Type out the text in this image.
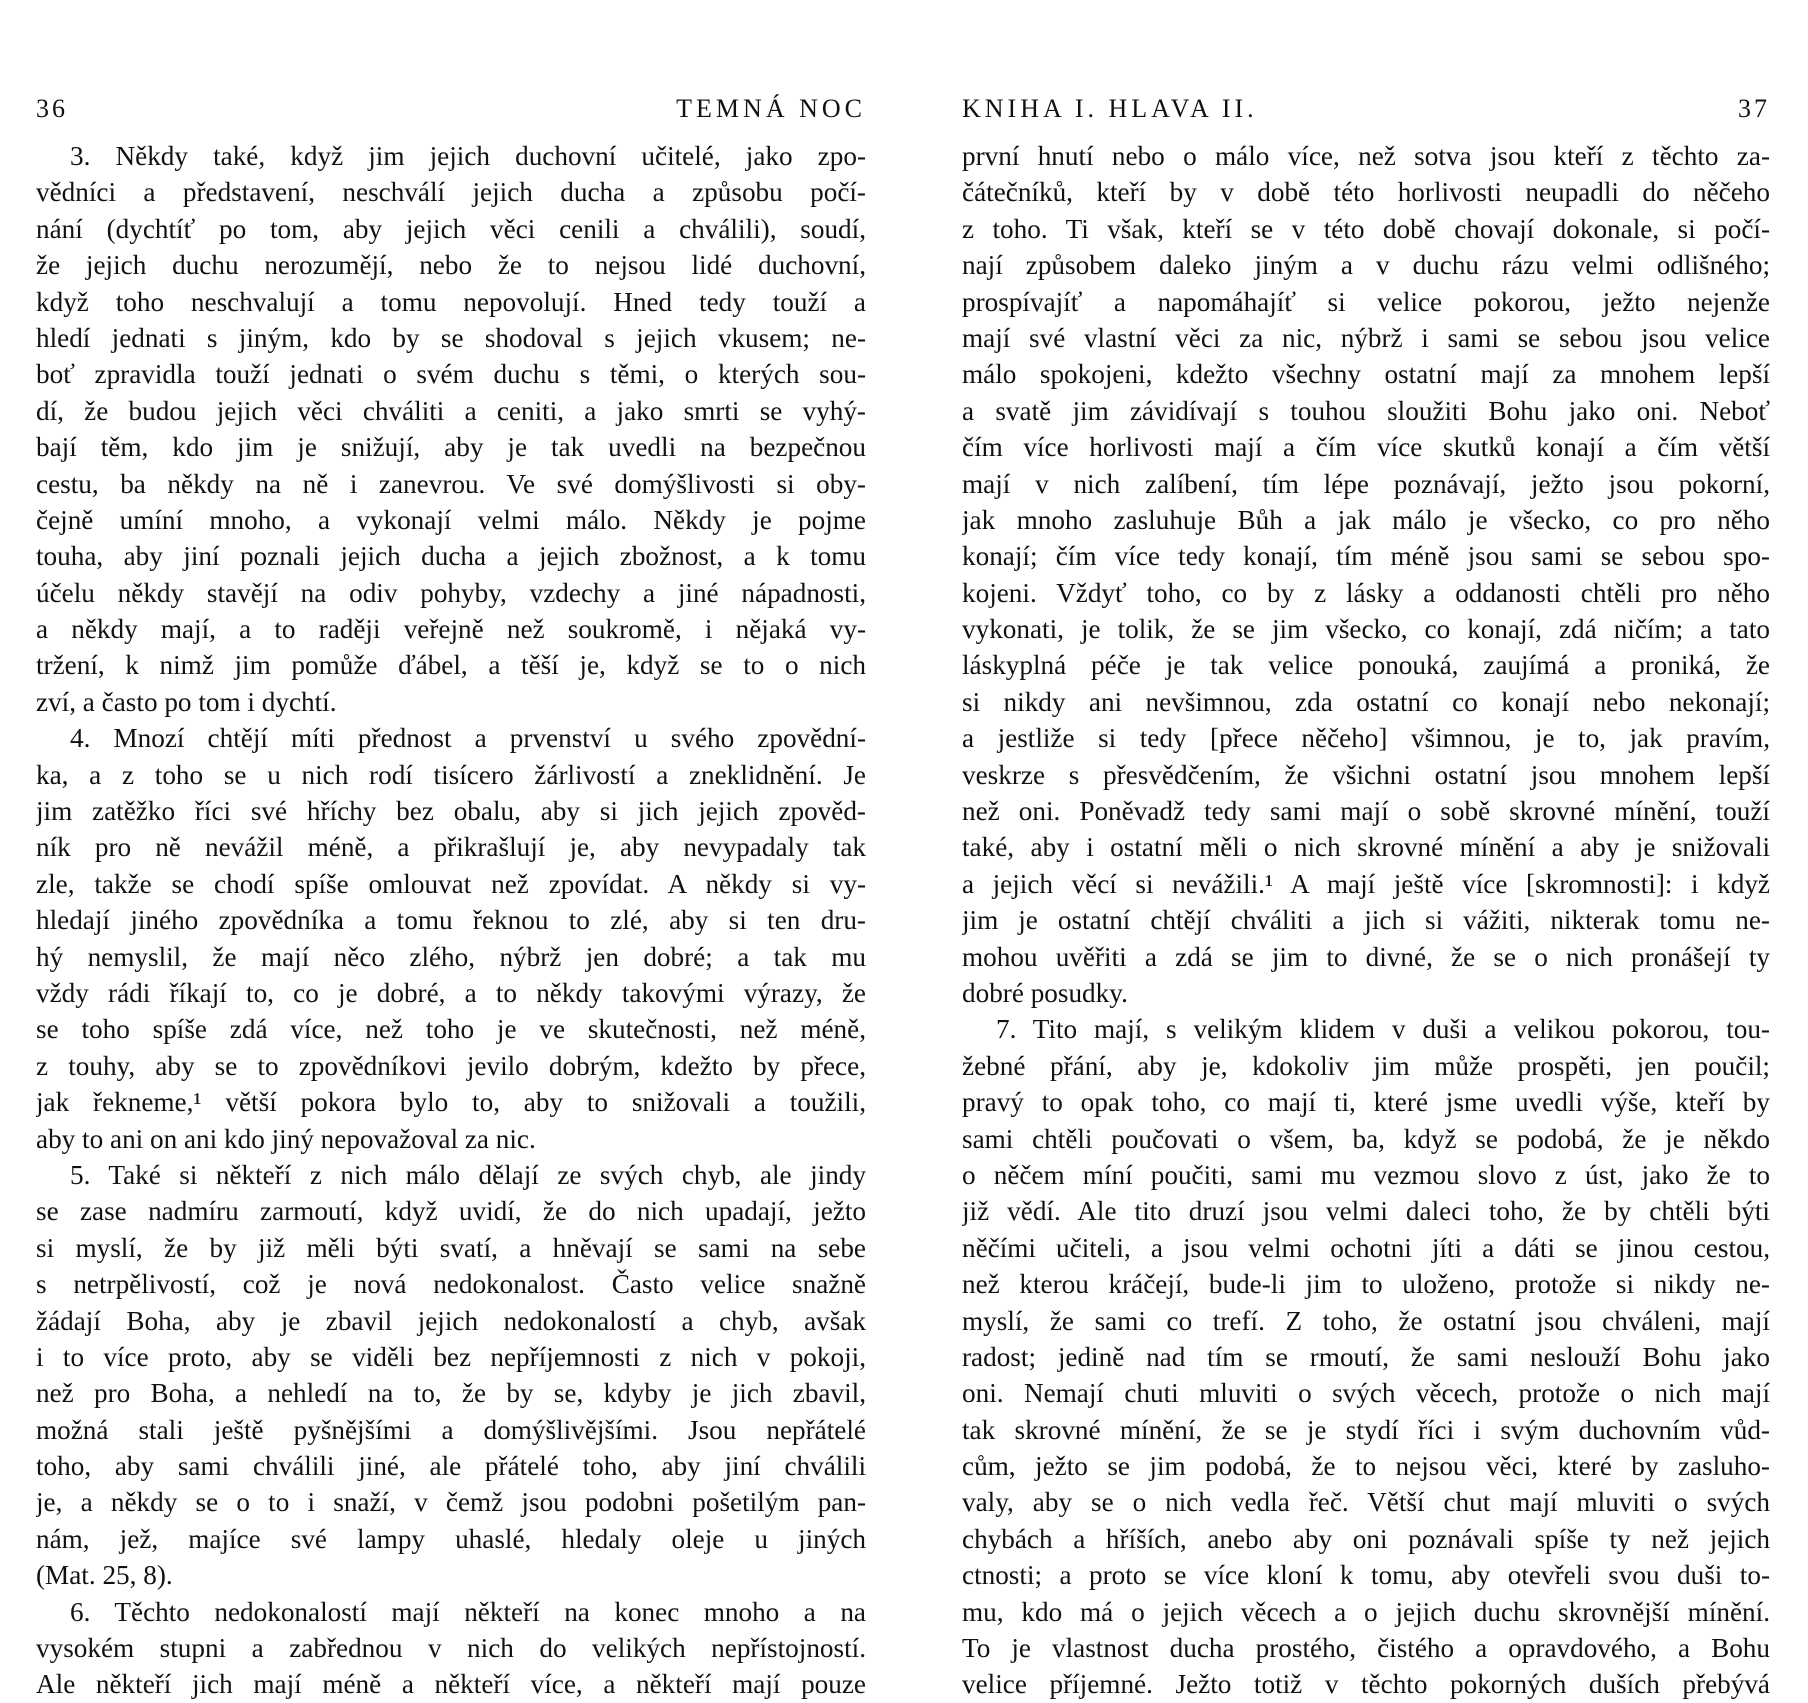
36	TEMNÁ NOC
3. Někdy také, když jim jejich duchovní učitelé, jako zpo-
vědníci a představení, neschválí jejich ducha a způsobu počí-
nání (dychtíť po tom, aby jejich věci cenili a chválili), soudí,
že jejich duchu nerozumějí, nebo že to nejsou lidé duchovní,
když toho neschvalují a tomu nepovolují. Hned tedy touží a
hledí jednati s jiným, kdo by se shodoval s jejich vkusem; ne-
boť zpravidla touží jednati o svém duchu s těmi, o kterých sou-
dí, že budou jejich věci chváliti a ceniti, a jako smrti se vyhý-
bají těm, kdo jim je snižují, aby je tak uvedli na bezpečnou
cestu, ba někdy na ně i zanevrou. Ve své domýšlivosti si oby-
čejně umíní mnoho, a vykonají velmi málo. Někdy je pojme
touha, aby jiní poznali jejich ducha a jejich zbožnost, a k tomu
účelu někdy stavějí na odiv pohyby, vzdechy a jiné nápadnosti,
a někdy mají, a to raději veřejně než soukromě, i nějaká vy-
tržení, k nimž jim pomůže ďábel, a těší je, když se to o nich
zví, a často po tom i dychtí.
4. Mnozí chtějí míti přednost a prvenství u svého zpovědní-
ka, a z toho se u nich rodí tisícero žárlivostí a zneklidnění. Je
jim zatěžko říci své hříchy bez obalu, aby si jich jejich zpověd-
ník pro ně nevážil méně, a přikrašlují je, aby nevypadaly tak
zle, takže se chodí spíše omlouvat než zpovídat. A někdy si vy-
hledají jiného zpovědníka a tomu řeknou to zlé, aby si ten dru-
hý nemyslil, že mají něco zlého, nýbrž jen dobré; a tak mu
vždy rádi říkají to, co je dobré, a to někdy takovými výrazy, že
se toho spíše zdá více, než toho je ve skutečnosti, než méně,
z touhy, aby se to zpovědníkovi jevilo dobrým, kdežto by přece,
jak řekneme,¹ větší pokora bylo to, aby to snižovali a toužili,
aby to ani on ani kdo jiný nepovažoval za nic.
5. Také si někteří z nich málo dělají ze svých chyb, ale jindy
se zase nadmíru zarmoutí, když uvidí, že do nich upadají, ježto
si myslí, že by již měli býti svatí, a hněvají se sami na sebe
s netrpělivostí, což je nová nedokonalost. Často velice snažně
žádají Boha, aby je zbavil jejich nedokonalostí a chyb, avšak
i to více proto, aby se viděli bez nepříjemnosti z nich v pokoji,
než pro Boha, a nehledí na to, že by se, kdyby je jich zbavil,
možná stali ještě pyšnějšími a domýšlivějšími. Jsou nepřátelé
toho, aby sami chválili jiné, ale přátelé toho, aby jiní chválili
je, a někdy se o to i snaží, v čemž jsou podobni pošetilým pan-
nám, jež, majíce své lampy uhaslé, hledaly oleje u jiných
(Mat. 25, 8).
6. Těchto nedokonalostí mají někteří na konec mnoho a na
vysokém stupni a zabřednou v nich do velikých nepřístojností.
Ale někteří jich mají méně a někteří více, a někteří mají pouze
KNIHA I. HLAVA II.	37
první hnutí nebo o málo více, než sotva jsou kteří z těchto za-
čátečníků, kteří by v době této horlivosti neupadli do něčeho
z toho. Ti však, kteří se v této době chovají dokonale, si počí-
nají způsobem daleko jiným a v duchu rázu velmi odlišného;
prospívajíť a napomáhajíť si velice pokorou, ježto nejenže
mají své vlastní věci za nic, nýbrž i sami se sebou jsou velice
málo spokojeni, kdežto všechny ostatní mají za mnohem lepší
a svatě jim závidívají s touhou sloužiti Bohu jako oni. Neboť
čím více horlivosti mají a čím více skutků konají a čím větší
mají v nich zalíbení, tím lépe poznávají, ježto jsou pokorní,
jak mnoho zasluhuje Bůh a jak málo je všecko, co pro něho
konají; čím více tedy konají, tím méně jsou sami se sebou spo-
kojeni. Vždyť toho, co by z lásky a oddanosti chtěli pro něho
vykonati, je tolik, že se jim všecko, co konají, zdá ničím; a tato
láskyplná péče je tak velice ponouká, zaujímá a proniká, že
si nikdy ani nevšimnou, zda ostatní co konají nebo nekonají;
a jestliže si tedy [přece něčeho] všimnou, je to, jak pravím,
veskrze s přesvědčením, že všichni ostatní jsou mnohem lepší
než oni. Poněvadž tedy sami mají o sobě skrovné mínění, touží
také, aby i ostatní měli o nich skrovné mínění a aby je snižovali
a jejich věcí si nevážili.¹ A mají ještě více [skromnosti]: i když
jim je ostatní chtějí chváliti a jich si vážiti, nikterak tomu ne-
mohou uvěřiti a zdá se jim to divné, že se o nich pronášejí ty
dobré posudky.
7. Tito mají, s velikým klidem v duši a velikou pokorou, tou-
žebné přání, aby je, kdokoliv jim může prospěti, jen poučil;
pravý to opak toho, co mají ti, které jsme uvedli výše, kteří by
sami chtěli poučovati o všem, ba, když se podobá, že je někdo
o něčem míní poučiti, sami mu vezmou slovo z úst, jako že to
již vědí. Ale tito druzí jsou velmi daleci toho, že by chtěli býti
něčími učiteli, a jsou velmi ochotni jíti a dáti se jinou cestou,
než kterou kráčejí, bude-li jim to uloženo, protože si nikdy ne-
myslí, že sami co trefí. Z toho, že ostatní jsou chváleni, mají
radost; jedině nad tím se rmoutí, že sami neslouží Bohu jako
oni. Nemají chuti mluviti o svých věcech, protože o nich mají
tak skrovné mínění, že se je stydí říci i svým duchovním vůd-
cům, ježto se jim podobá, že to nejsou věci, které by zasluho-
valy, aby se o nich vedla řeč. Větší chut mají mluviti o svých
chybách a hříších, anebo aby oni poznávali spíše ty než jejich
ctnosti; a proto se více kloní k tomu, aby otevřeli svou duši to-
mu, kdo má o jejich věcech a o jejich duchu skrovnější mínění.
To je vlastnost ducha prostého, čistého a opravdového, a Bohu
velice příjemné. Ježto totiž v těchto pokorných duších přebývá
